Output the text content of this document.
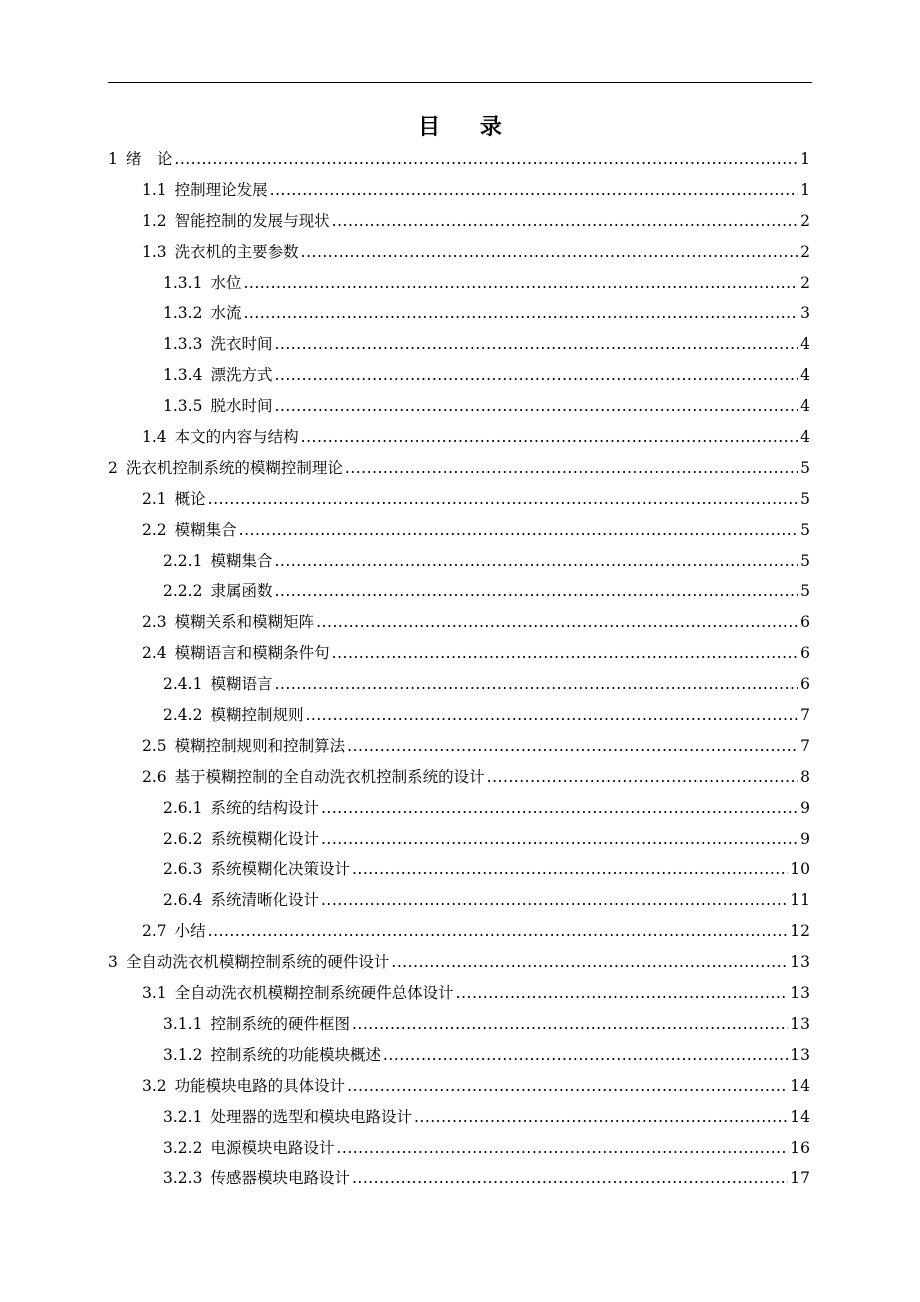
目 录
1 绪　论 .....	1
1.1 控制理论发展 .....	1
1.2 智能控制的发展与现状 .....	2
1.3 洗衣机的主要参数 .....	2
1.3.1 水位 .....	2
1.3.2 水流 .....	3
1.3.3 洗衣时间 .....	4
1.3.4 漂洗方式 .....	4
1.3.5 脱水时间 .....	4
1.4 本文的内容与结构 .....	4
2 洗衣机控制系统的模糊控制理论 .....	5
2.1 概论 .....	5
2.2 模糊集合 .....	5
2.2.1 模糊集合 .....	5
2.2.2 隶属函数 .....	5
2.3 模糊关系和模糊矩阵 .....	6
2.4 模糊语言和模糊条件句 .....	6
2.4.1 模糊语言 .....	6
2.4.2 模糊控制规则 .....	7
2.5 模糊控制规则和控制算法 .....	7
2.6 基于模糊控制的全自动洗衣机控制系统的设计 .....	8
2.6.1 系统的结构设计 .....	9
2.6.2 系统模糊化设计 .....	9
2.6.3 系统模糊化决策设计 .....	10
2.6.4 系统清晰化设计 .....	11
2.7 小结 .....	12
3 全自动洗衣机模糊控制系统的硬件设计 .....	13
3.1 全自动洗衣机模糊控制系统硬件总体设计 .....	13
3.1.1 控制系统的硬件框图 .....	13
3.1.2 控制系统的功能模块概述 .....	13
3.2 功能模块电路的具体设计 .....	14
3.2.1 处理器的选型和模块电路设计 .....	14
3.2.2 电源模块电路设计 .....	16
3.2.3 传感器模块电路设计 .....	17
